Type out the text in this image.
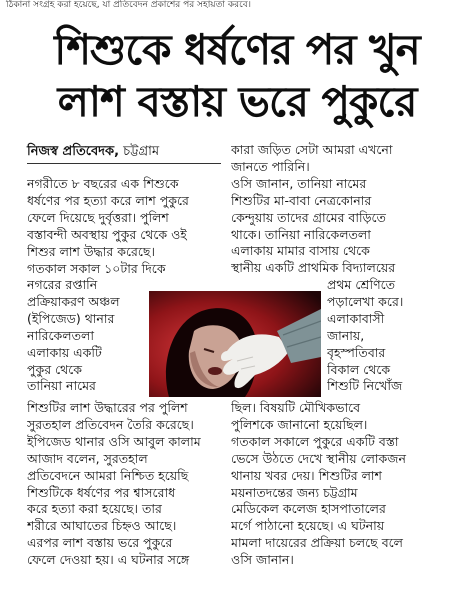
ঠিকানা সংগ্রহ করা হয়েছে, যা প্রতিবেদন প্রকাশের পর সহায়তা করবে।
শিশুকে ধর্ষণের পর খুন
লাশ বস্তায় ভরে পুকুরে
নিজস্ব প্রতিবেদক, চট্টগ্রাম
নগরীতে ৮ বছরের এক শিশুকে
ধর্ষণের পর হত্যা করে লাশ পুকুরে
ফেলে দিয়েছে দুর্বৃত্তরা। পুলিশ
বস্তাবন্দী অবস্থায় পুকুর থেকে ওই
শিশুর লাশ উদ্ধার করেছে।
গতকাল সকাল ১০টার দিকে
নগরের রপ্তানি
প্রক্রিয়াকরণ অঞ্চল
(ইপিজেড) থানার
নারিকেলতলা
এলাকায় একটি
পুকুর থেকে
তানিয়া নামের
শিশুটির লাশ উদ্ধারের পর পুলিশ
সুরতহাল প্রতিবেদন তৈরি করেছে।
ইপিজেড থানার ওসি আবুল কালাম
আজাদ বলেন, সুরতহাল
প্রতিবেদনে আমরা নিশ্চিত হয়েছি
শিশুটিকে ধর্ষণের পর শ্বাসরোধ
করে হত্যা করা হয়েছে। তার
শরীরে আঘাতের চিহ্নও আছে।
এরপর লাশ বস্তায় ভরে পুকুরে
ফেলে দেওয়া হয়। এ ঘটনার সঙ্গে
কারা জড়িত সেটা আমরা এখনো
জানতে পারিনি।
ওসি জানান, তানিয়া নামের
শিশুটির মা-বাবা নেত্রকোনার
কেন্দুয়ায় তাদের গ্রামের বাড়িতে
থাকে। তানিয়া নারিকেলতলা
এলাকায় মামার বাসায় থেকে
স্থানীয় একটি প্রাথমিক বিদ্যালয়ের
প্রথম শ্রেণিতে
পড়ালেখা করে।
এলাকাবাসী
জানায়,
বৃহস্পতিবার
বিকাল থেকে
শিশুটি নিখোঁজ
ছিল। বিষয়টি মৌখিকভাবে
পুলিশকে জানানো হয়েছিল।
গতকাল সকালে পুকুরে একটি বস্তা
ভেসে উঠতে দেখে স্থানীয় লোকজন
থানায় খবর দেয়। শিশুটির লাশ
ময়নাতদন্তের জন্য চট্টগ্রাম
মেডিকেল কলেজ হাসপাতালের
মর্গে পাঠানো হয়েছে। এ ঘটনায়
মামলা দায়েরের প্রক্রিয়া চলছে বলে
ওসি জানান।
